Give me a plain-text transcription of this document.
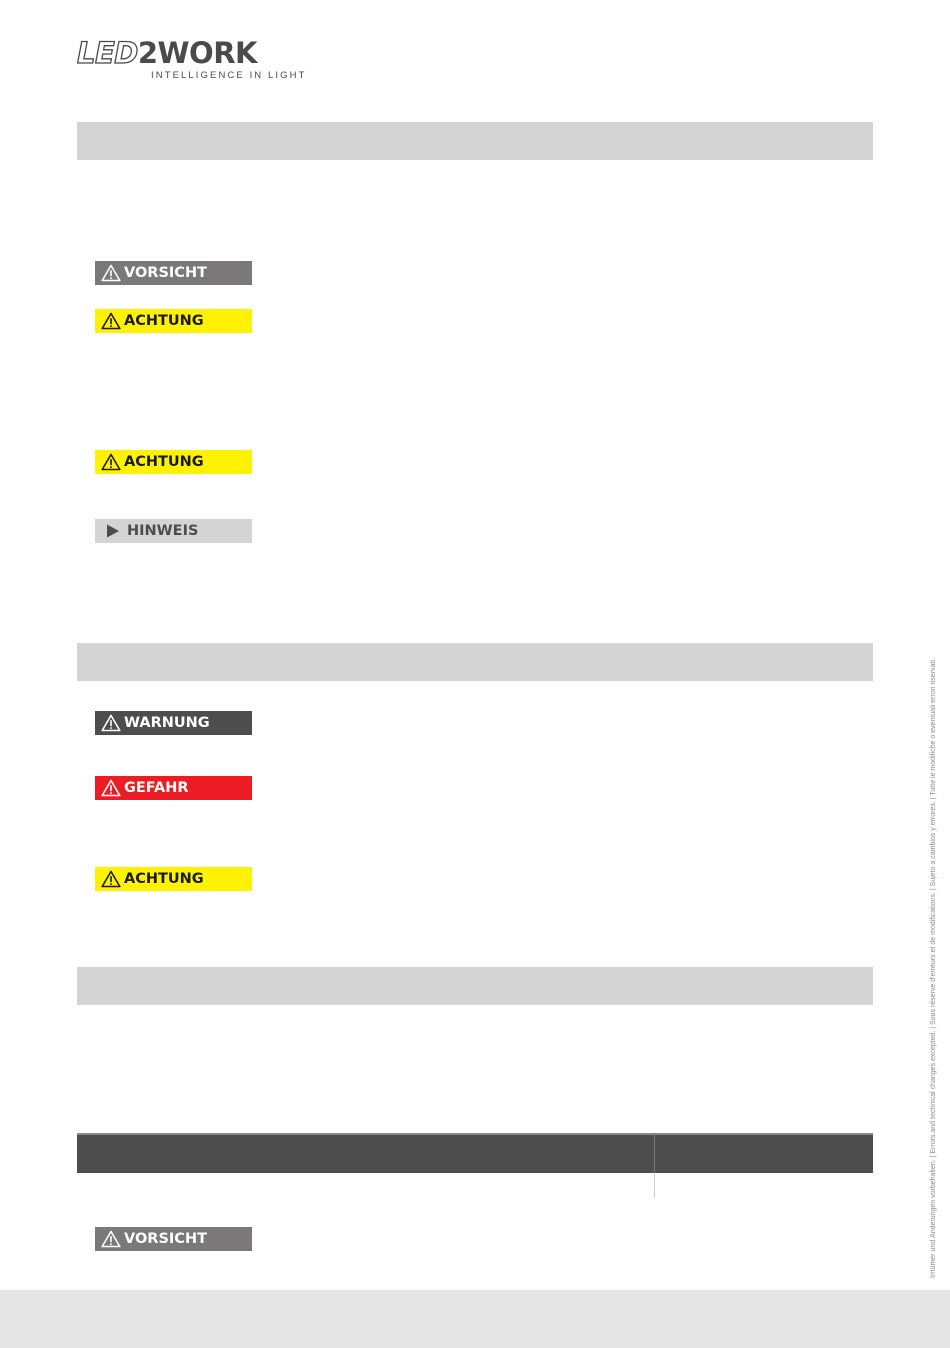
LED2WORK
INTELLIGENCE IN LIGHT
VORSICHT
ACHTUNG
ACHTUNG
HINWEIS
WARNUNG
GEFAHR
ACHTUNG
VORSICHT	Irrtümer und Änderungen vorbehalten. | Errors and technical changes excepted. | Sous réserve d'erreurs et de modifications. | Sujeto a cambios y errores. | Tutte le modifiche o eventuali errori riservati.
